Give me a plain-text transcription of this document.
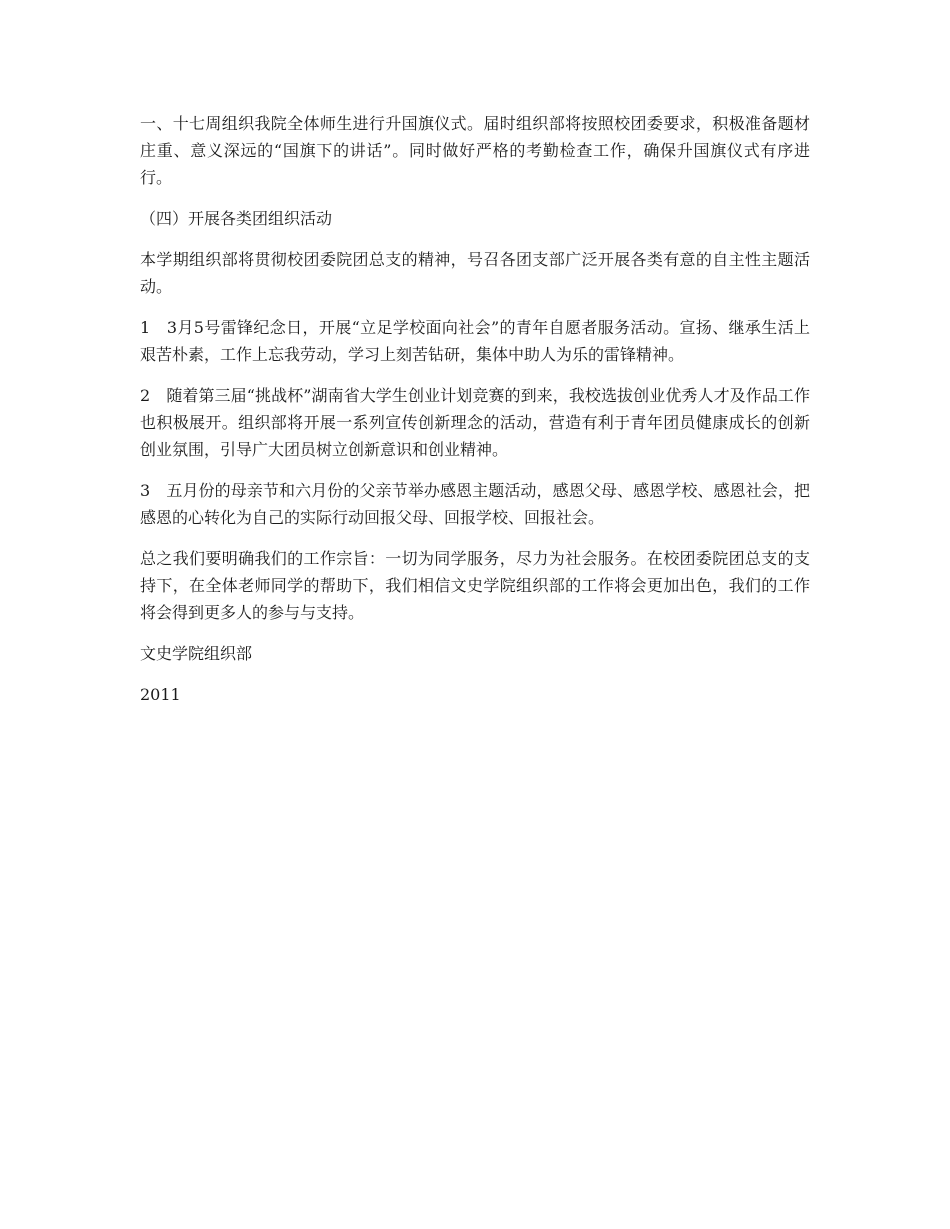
一、十七周组织我院全体师生进行升国旗仪式。届时组织部将按照校团委要求，积极准备题材庄重、意义深远的“国旗下的讲话”。同时做好严格的考勤检查工作，确保升国旗仪式有序进行。

（四）开展各类团组织活动

本学期组织部将贯彻校团委院团总支的精神，号召各团支部广泛开展各类有意的自主性主题活动。

1　3月5号雷锋纪念日，开展“立足学校面向社会”的青年自愿者服务活动。宣扬、继承生活上艰苦朴素，工作上忘我劳动，学习上刻苦钻研，集体中助人为乐的雷锋精神。

2　随着第三届“挑战杯”湖南省大学生创业计划竞赛的到来，我校选拔创业优秀人才及作品工作也积极展开。组织部将开展一系列宣传创新理念的活动，营造有利于青年团员健康成长的创新创业氛围，引导广大团员树立创新意识和创业精神。

3　五月份的母亲节和六月份的父亲节举办感恩主题活动，感恩父母、感恩学校、感恩社会，把感恩的心转化为自己的实际行动回报父母、回报学校、回报社会。

总之我们要明确我们的工作宗旨：一切为同学服务，尽力为社会服务。在校团委院团总支的支持下，在全体老师同学的帮助下，我们相信文史学院组织部的工作将会更加出色，我们的工作将会得到更多人的参与与支持。

文史学院组织部

2011
